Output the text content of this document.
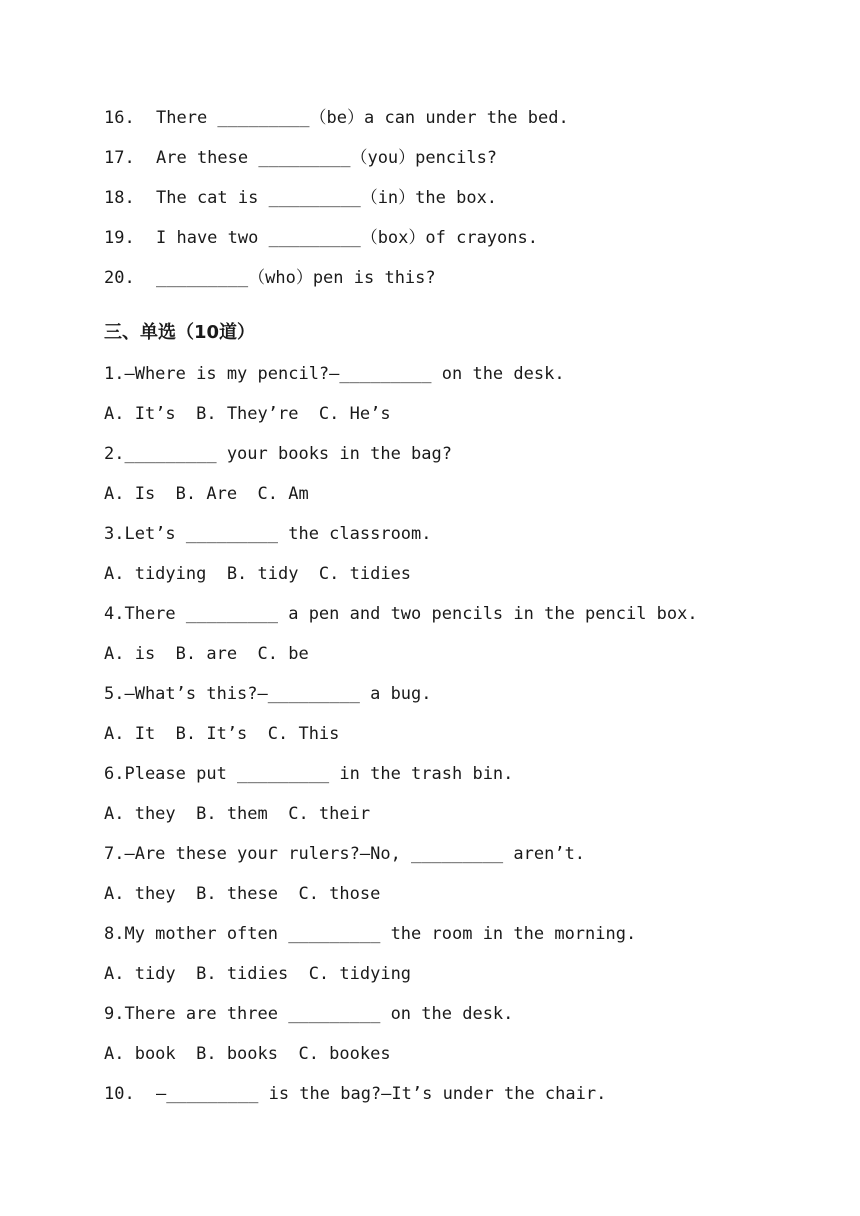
16. There _________（be）a can under the bed.
17. Are these _________（you）pencils?
18. The cat is _________（in）the box.
19. I have two _________（box）of crayons.
20. _________（who）pen is this?
三、单选（10道）
1.—Where is my pencil?—_________ on the desk.
A. It’s  B. They’re  C. He’s
2._________ your books in the bag?
A. Is  B. Are  C. Am
3.Let’s _________ the classroom.
A. tidying  B. tidy  C. tidies
4.There _________ a pen and two pencils in the pencil box.
A. is  B. are  C. be
5.—What’s this?—_________ a bug.
A. It  B. It’s  C. This
6.Please put _________ in the trash bin.
A. they  B. them  C. their
7.—Are these your rulers?—No, _________ aren’t.
A. they  B. these  C. those
8.My mother often _________ the room in the morning.
A. tidy  B. tidies  C. tidying
9.There are three _________ on the desk.
A. book  B. books  C. bookes
10. —_________ is the bag?—It’s under the chair.
